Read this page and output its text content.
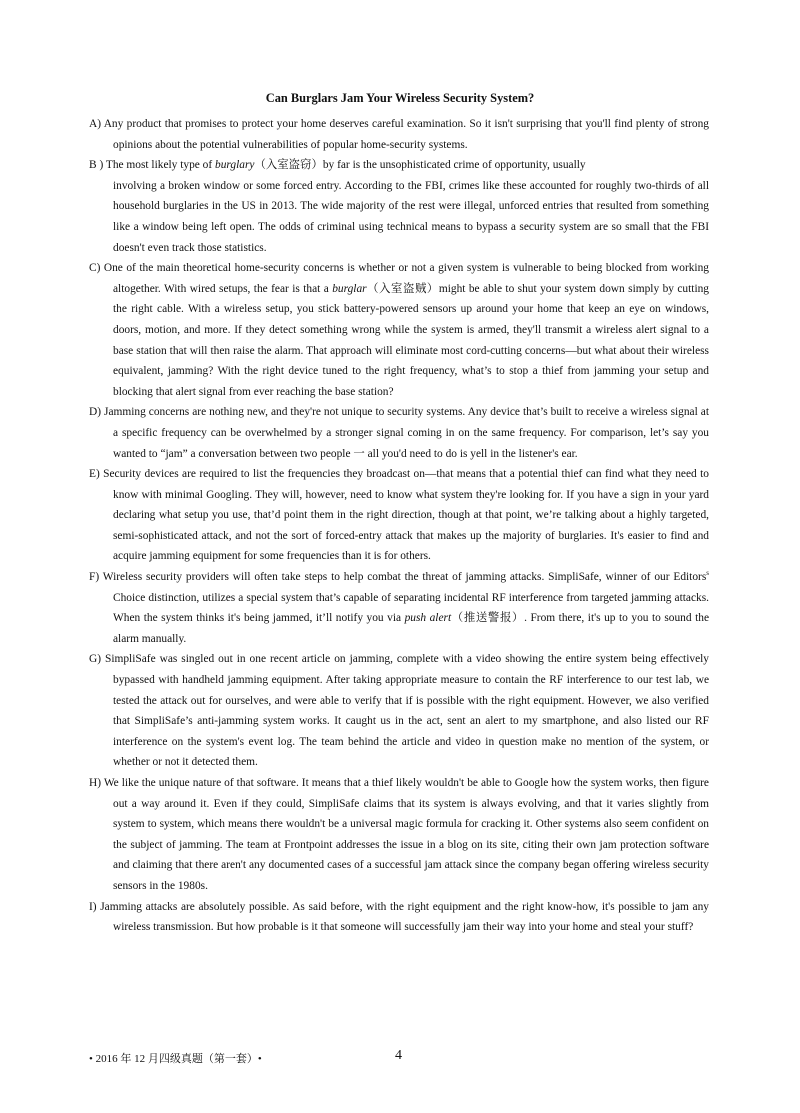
Can Burglars Jam Your Wireless Security System?

A) Any product that promises to protect your home deserves careful examination. So it isn't surprising that you'll find plenty of strong opinions about the potential vulnerabilities of popular home-security systems.

B ) The most likely type of burglary（入室盗窃）by far is the unsophisticated crime of opportunity, usually

involving a broken window or some forced entry. According to the FBI, crimes like these accounted for roughly two-thirds of all household burglaries in the US in 2013. The wide majority of the rest were illegal, unforced entries that resulted from something like a window being left open. The odds of criminal using technical means to bypass a security system are so small that the FBI doesn't even track those statistics.

C) One of the main theoretical home-security concerns is whether or not a given system is vulnerable to being blocked from working altogether. With wired setups, the fear is that a burglar（入室盗贼）might be able to shut your system down simply by cutting the right cable. With a wireless setup, you stick battery-powered sensors up around your home that keep an eye on windows, doors, motion, and more. If they detect something wrong while the system is armed, they'll transmit a wireless alert signal to a base station that will then raise the alarm. That approach will eliminate most cord-cutting concerns—but what about their wireless equivalent, jamming? With the right device tuned to the right frequency, what’s to stop a thief from jamming your setup and blocking that alert signal from ever reaching the base station?

D) Jamming concerns are nothing new, and they're not unique to security systems. Any device that’s built to receive a wireless signal at a specific frequency can be overwhelmed by a stronger signal coming in on the same frequency. For comparison, let’s say you wanted to “jam” a conversation between two people 一 all you'd need to do is yell in the listener's ear.

E) Security devices are required to list the frequencies they broadcast on—that means that a potential thief can find what they need to know with minimal Googling. They will, however, need to know what system they're looking for. If you have a sign in your yard declaring what setup you use, that’d point them in the right direction, though at that point, we’re talking about a highly targeted, semi-sophisticated attack, and not the sort of forced-entry attack that makes up the majority of burglaries. It's easier to find and acquire jamming equipment for some frequencies than it is for others.

F) Wireless security providers will often take steps to help combat the threat of jamming attacks. SimpliSafe, winner of our Editors$^s$ Choice distinction, utilizes a special system that’s capable of separating incidental RF interference from targeted jamming attacks. When the system thinks it's being jammed, it’ll notify you via push alert（推送警报）. From there, it's up to you to sound the alarm manually.

G) SimpliSafe was singled out in one recent article on jamming, complete with a video showing the entire system being effectively bypassed with handheld jamming equipment. After taking appropriate measure to contain the RF interference to our test lab, we tested the attack out for ourselves, and were able to verify that if is possible with the right equipment. However, we also verified that SimpliSafe’s anti-jamming system works. It caught us in the act, sent an alert to my smartphone, and also listed our RF interference on the system's event log. The team behind the article and video in question make no mention of the system, or whether or not it detected them.

H) We like the unique nature of that software. It means that a thief likely wouldn't be able to Google how the system works, then figure out a way around it. Even if they could, SimpliSafe claims that its system is always evolving, and that it varies slightly from system to system, which means there wouldn't be a universal magic formula for cracking it. Other systems also seem confident on the subject of jamming. The team at Frontpoint addresses the issue in a blog on its site, citing their own jam protection software and claiming that there aren't any documented cases of a successful jam attack since the company began offering wireless security sensors in the 1980s.

I) Jamming attacks are absolutely possible. As said before, with the right equipment and the right know-how, it's possible to jam any wireless transmission. But how probable is it that someone will successfully jam their way into your home and steal your stuff?

• 2016 年 12 月四级真题（第一套）•	4
